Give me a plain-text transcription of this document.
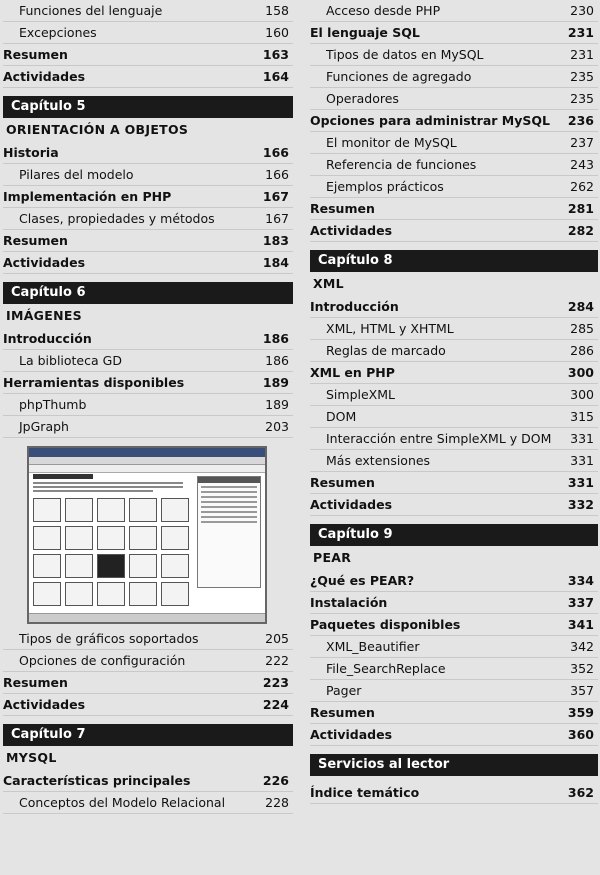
Funciones del lenguaje	158
Excepciones	160
Resumen	163
Actividades	164
Capítulo 5
ORIENTACIÓN A OBJETOS
Historia	166
Pilares del modelo	166
Implementación en PHP	167
Clases, propiedades y métodos	167
Resumen	183
Actividades	184
Capítulo 6
IMÁGENES
Introducción	186
La biblioteca GD	186
Herramientas disponibles	189
phpThumb	189
JpGraph	203
Tipos de gráficos soportados	205
Opciones de configuración	222
Resumen	223
Actividades	224
Capítulo 7
MYSQL
Características principales	226
Conceptos del Modelo Relacional	228
Acceso desde PHP	230
El lenguaje SQL	231
Tipos de datos en MySQL	231
Funciones de agregado	235
Operadores	235
Opciones para administrar MySQL 236
El monitor de MySQL	237
Referencia de funciones	243
Ejemplos prácticos	262
Resumen	281
Actividades	282
Capítulo 8
XML
Introducción	284
XML, HTML y XHTML	285
Reglas de marcado	286
XML en PHP	300
SimpleXML	300
DOM	315
Interacción entre SimpleXML y DOM 331
Más extensiones	331
Resumen	331
Actividades	332
Capítulo 9
PEAR
¿Qué es PEAR?	334
Instalación	337
Paquetes disponibles	341
XML_Beautifier	342
File_SearchReplace	352
Pager	357
Resumen	359
Actividades	360
Servicios al lector
Índice temático	362
